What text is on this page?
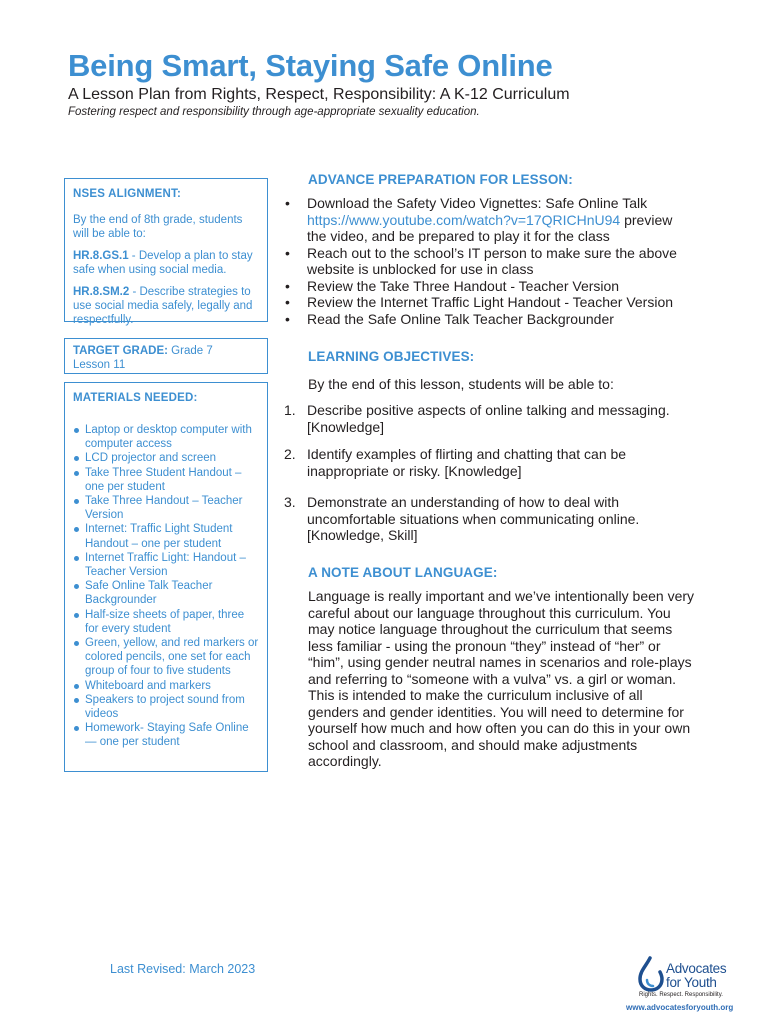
Being Smart, Staying Safe Online
A Lesson Plan from Rights, Respect, Responsibility: A K-12 Curriculum
Fostering respect and responsibility through age-appropriate sexuality education.
NSES ALIGNMENT:

By the end of 8th grade, students will be able to:

HR.8.GS.1 - Develop a plan to stay safe when using social media.

HR.8.SM.2 - Describe strategies to use social media safely, legally and respectfully.

TARGET GRADE: Grade 7
Lesson 11
MATERIALS NEEDED:
Laptop or desktop computer with computer access
LCD projector and screen
Take Three Student Handout – one per student
Take Three Handout – Teacher Version
Internet: Traffic Light Student Handout – one per student
Internet Traffic Light: Handout – Teacher Version
Safe Online Talk Teacher Backgrounder
Half-size sheets of paper, three for every student
Green, yellow, and red markers or colored pencils, one set for each group of four to five students
Whiteboard and markers
Speakers to project sound from videos
Homework- Staying Safe Online — one per student
ADVANCE PREPARATION FOR LESSON:
• Download the Safety Video Vignettes: Safe Online Talk https://www.youtube.com/watch?v=17QRICHnU94 preview the video, and be prepared to play it for the class
• Reach out to the school’s IT person to make sure the above website is unblocked for use in class
• Review the Take Three Handout - Teacher Version
• Review the Internet Traffic Light Handout - Teacher Version
• Read the Safe Online Talk Teacher Backgrounder
LEARNING OBJECTIVES:
By the end of this lesson, students will be able to:
1. Describe positive aspects of online talking and messaging. [Knowledge]
2. Identify examples of flirting and chatting that can be inappropriate or risky. [Knowledge]
3. Demonstrate an understanding of how to deal with uncomfortable situations when communicating online. [Knowledge, Skill]
A NOTE ABOUT LANGUAGE:
Language is really important and we’ve intentionally been very careful about our language throughout this curriculum. You may notice language throughout the curriculum that seems less familiar - using the pronoun “they” instead of “her” or “him”, using gender neutral names in scenarios and role-plays and referring to “someone with a vulva” vs. a girl or woman. This is intended to make the curriculum inclusive of all genders and gender identities. You will need to determine for yourself how much and how often you can do this in your own school and classroom, and should make adjustments accordingly.
Last Revised: March 2023	Advocates
for Youth
Rights. Respect. Responsibility.
www.advocatesforyouth.org
